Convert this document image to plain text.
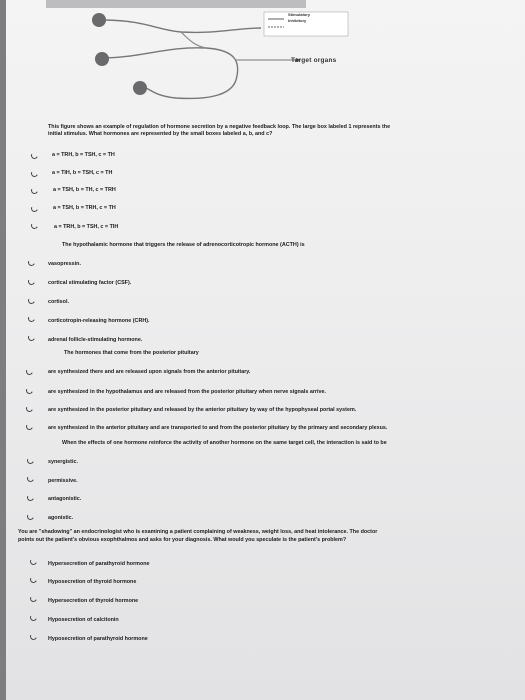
Stimulatory
Inhibitory
Target organs
This figure shows an example of regulation of hormone secretion by a negative feedback loop. The large box labeled 1 represents the
initial stimulus. What hormones are represented by the small boxes labeled a, b, and c?
a = TRH, b = TSH, c = TH
a = TIH, b = TSH, c = TH
a = TSH, b = TH, c = TRH
a = TSH, b = TRH, c = TH
a = TRH, b = TSH, c = TIH
The hypothalamic hormone that triggers the release of adrenocorticotropic hormone (ACTH) is
vasopressin.
cortical stimulating factor (CSF).
cortisol.
corticotropin-releasing hormone (CRH).
adrenal follicle-stimulating hormone.
The hormones that come from the posterior pituitary
are synthesized there and are released upon signals from the anterior pituitary.
are synthesized in the hypothalamus and are released from the posterior pituitary when nerve signals arrive.
are synthesized in the posterior pituitary and released by the anterior pituitary by way of the hypophyseal portal system.
are synthesized in the anterior pituitary and are transported to and from the posterior pituitary by the primary and secondary plexus.
When the effects of one hormone reinforce the activity of another hormone on the same target cell, the interaction is said to be
synergistic.
permissive.
antagonistic.
agonistic.
You are "shadowing" an endocrinologist who is examining a patient complaining of weakness, weight loss, and heat intolerance. The doctor
points out the patient's obvious exophthalmos and asks for your diagnosis. What would you speculate is the patient's problem?
Hypersecretion of parathyroid hormone
Hyposecretion of thyroid hormone
Hypersecretion of thyroid hormone
Hyposecretion of calcitonin
Hyposecretion of parathyroid hormone
